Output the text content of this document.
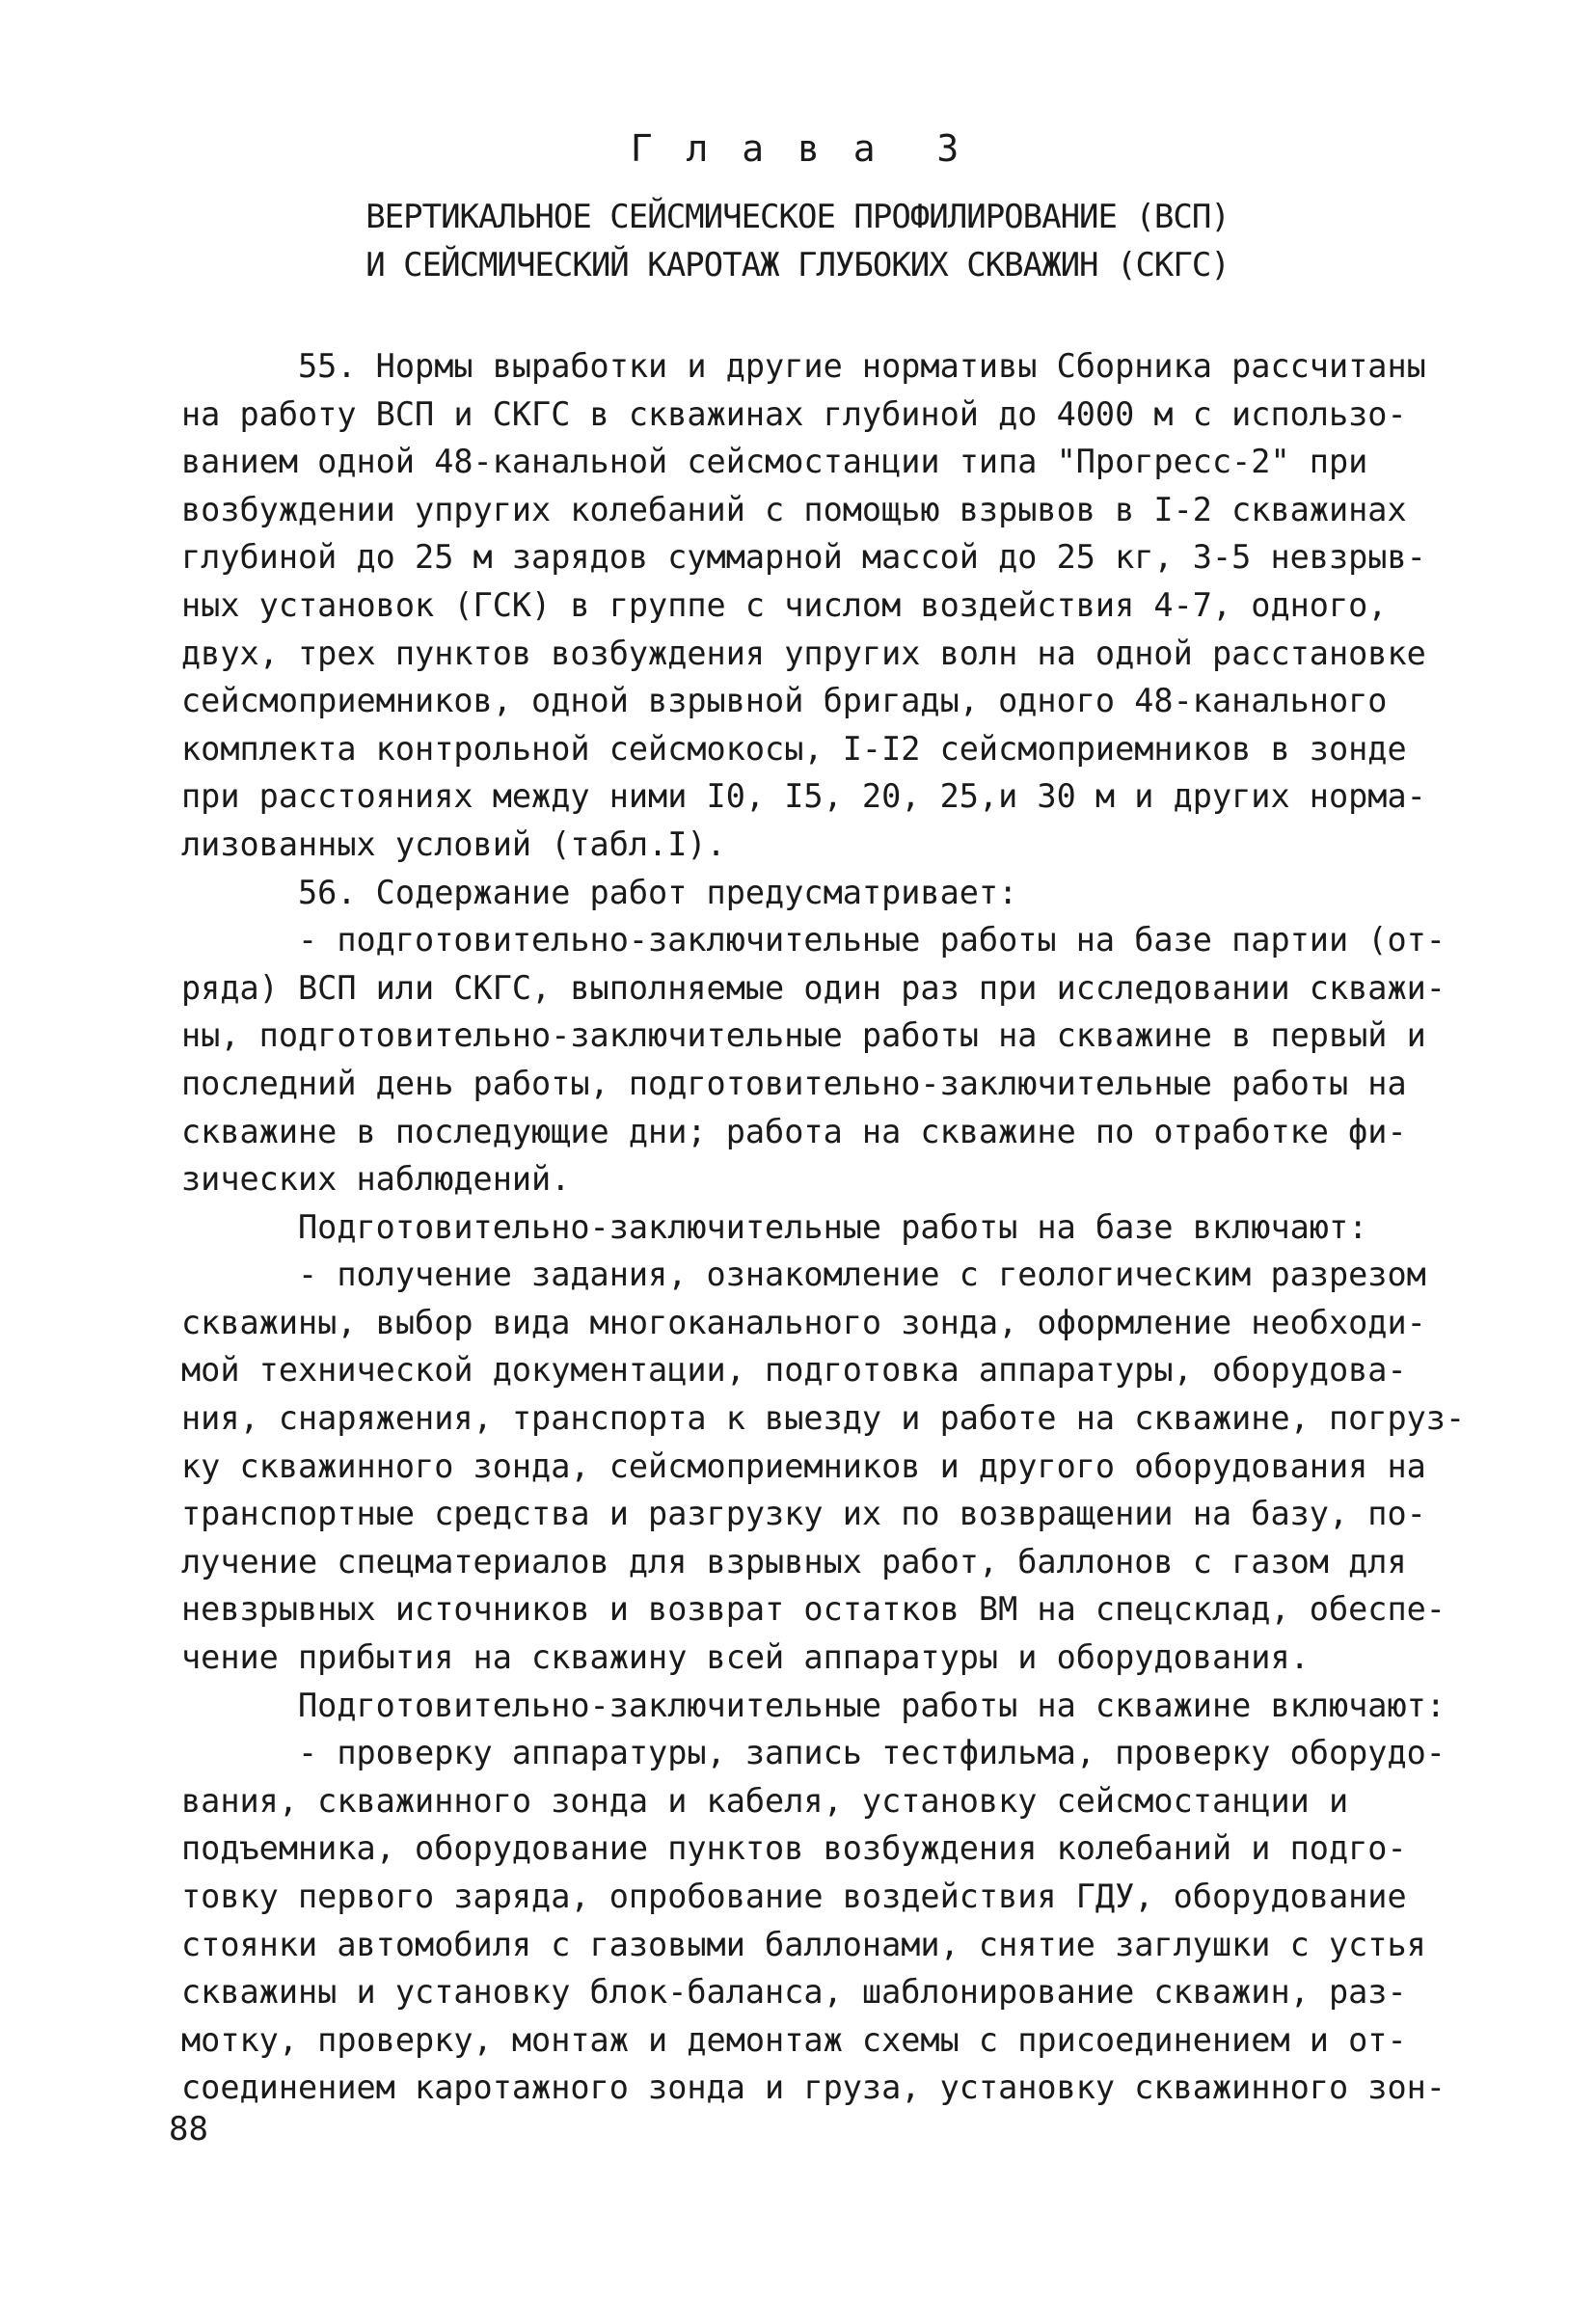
Г л а в а  3
ВЕРТИКАЛЬНОЕ СЕЙСМИЧЕСКОЕ ПРОФИЛИРОВАНИЕ (ВСП)
И СЕЙСМИЧЕСКИЙ КАРОТАЖ ГЛУБОКИХ СКВАЖИН (СКГС)
55. Нормы выработки и другие нормативы Сборника рассчитаны
на работу ВСП и СКГС в скважинах глубиной до 4000 м с использо-
ванием одной 48-канальной сейсмостанции типа "Прогресс-2" при
возбуждении упругих колебаний с помощью взрывов в I-2 скважинах
глубиной до 25 м зарядов суммарной массой до 25 кг, 3-5 невзрыв-
ных установок (ГСК) в группе с числом воздействия 4-7, одного,
двух, трех пунктов возбуждения упругих волн на одной расстановке
сейсмоприемников, одной взрывной бригады, одного 48-канального
комплекта контрольной сейсмокосы, I-I2 сейсмоприемников в зонде
при расстояниях между ними I0, I5, 20, 25,и 30 м и других норма-
лизованных условий (табл.I).
56. Содержание работ предусматривает:
- подготовительно-заключительные работы на базе партии (от-
ряда) ВСП или СКГС, выполняемые один раз при исследовании скважи-
ны, подготовительно-заключительные работы на скважине в первый и
последний день работы, подготовительно-заключительные работы на
скважине в последующие дни; работа на скважине по отработке фи-
зических наблюдений.
Подготовительно-заключительные работы на базе включают:
- получение задания, ознакомление с геологическим разрезом
скважины, выбор вида многоканального зонда, оформление необходи-
мой технической документации, подготовка аппаратуры, оборудова-
ния, снаряжения, транспорта к выезду и работе на скважине, погруз-
ку скважинного зонда, сейсмоприемников и другого оборудования на
транспортные средства и разгрузку их по возвращении на базу, по-
лучение спецматериалов для взрывных работ, баллонов с газом для
невзрывных источников и возврат остатков ВМ на спецсклад, обеспе-
чение прибытия на скважину всей аппаратуры и оборудования.
Подготовительно-заключительные работы на скважине включают:
- проверку аппаратуры, запись тестфильма, проверку оборудо-
вания, скважинного зонда и кабеля, установку сейсмостанции и
подъемника, оборудование пунктов возбуждения колебаний и подго-
товку первого заряда, опробование воздействия ГДУ, оборудование
стоянки автомобиля с газовыми баллонами, снятие заглушки с устья
скважины и установку блок-баланса, шаблонирование скважин, раз-
мотку, проверку, монтаж и демонтаж схемы с присоединением и от-
соединением каротажного зонда и груза, установку скважинного зон-
88
